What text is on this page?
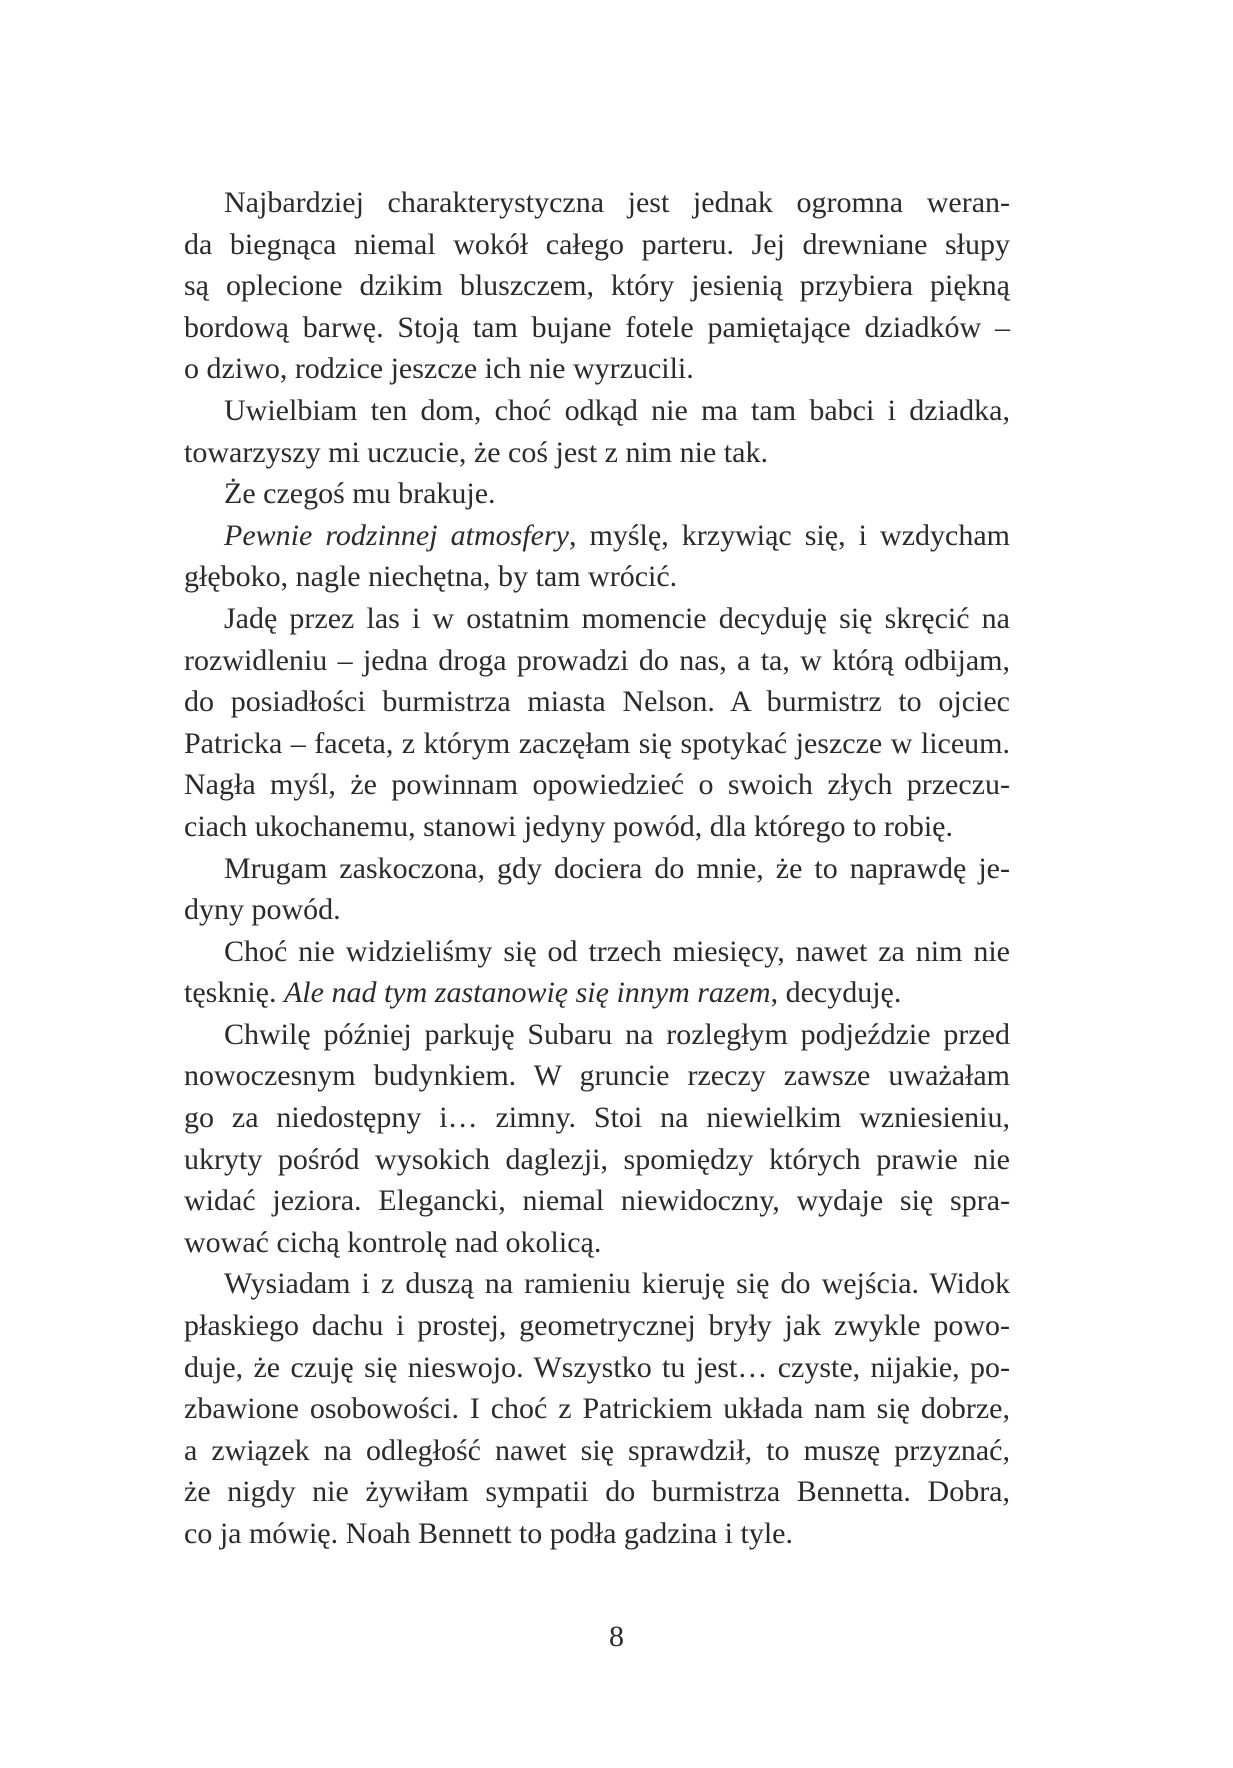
Najbardziej charakterystyczna jest jednak ogromna weran-
da biegnąca niemal wokół całego parteru. Jej drewniane słupy
są oplecione dzikim bluszczem, który jesienią przybiera piękną
bordową barwę. Stoją tam bujane fotele pamiętające dziadków –
o dziwo, rodzice jeszcze ich nie wyrzucili.
Uwielbiam ten dom, choć odkąd nie ma tam babci i dziadka,
towarzyszy mi uczucie, że coś jest z nim nie tak.
Że czegoś mu brakuje.
Pewnie rodzinnej atmosfery, myślę, krzywiąc się, i wzdycham
głęboko, nagle niechętna, by tam wrócić.
Jadę przez las i w ostatnim momencie decyduję się skręcić na
rozwidleniu – jedna droga prowadzi do nas, a ta, w którą odbijam,
do posiadłości burmistrza miasta Nelson. A burmistrz to ojciec
Patricka – faceta, z którym zaczęłam się spotykać jeszcze w liceum.
Nagła myśl, że powinnam opowiedzieć o swoich złych przeczu-
ciach ukochanemu, stanowi jedyny powód, dla którego to robię.
Mrugam zaskoczona, gdy dociera do mnie, że to naprawdę je-
dyny powód.
Choć nie widzieliśmy się od trzech miesięcy, nawet za nim nie
tęsknię. Ale nad tym zastanowię się innym razem, decyduję.
Chwilę później parkuję Subaru na rozległym podjeździe przed
nowoczesnym budynkiem. W gruncie rzeczy zawsze uważałam
go za niedostępny i… zimny. Stoi na niewielkim wzniesieniu,
ukryty pośród wysokich daglezji, spomiędzy których prawie nie
widać jeziora. Elegancki, niemal niewidoczny, wydaje się spra-
wować cichą kontrolę nad okolicą.
Wysiadam i z duszą na ramieniu kieruję się do wejścia. Widok
płaskiego dachu i prostej, geometrycznej bryły jak zwykle powo-
duje, że czuję się nieswojo. Wszystko tu jest… czyste, nijakie, po-
zbawione osobowości. I choć z Patrickiem układa nam się dobrze,
a związek na odległość nawet się sprawdził, to muszę przyznać,
że nigdy nie żywiłam sympatii do burmistrza Bennetta. Dobra,
co ja mówię. Noah Bennett to podła gadzina i tyle.
8
